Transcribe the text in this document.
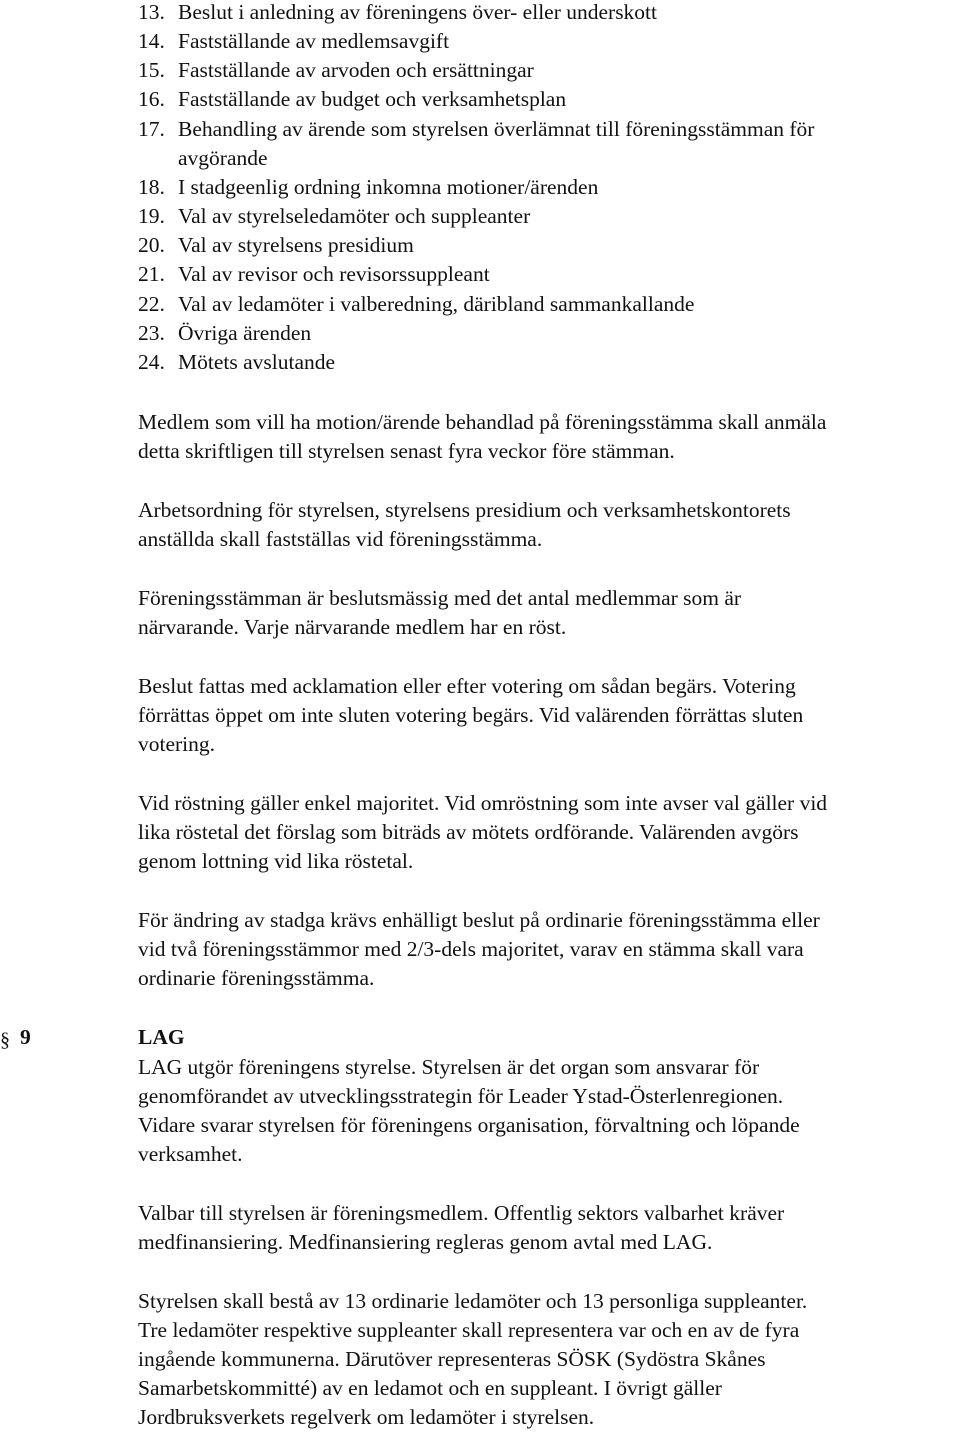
13. Beslut i anledning av föreningens över- eller underskott
14. Fastställande av medlemsavgift
15. Fastställande av arvoden och ersättningar
16. Fastställande av budget och verksamhetsplan
17. Behandling av ärende som styrelsen överlämnat till föreningsstämman för
avgörande
18. I stadgeenlig ordning inkomna motioner/ärenden
19. Val av styrelseledamöter och suppleanter
20. Val av styrelsens presidium
21. Val av revisor och revisorssuppleant
22. Val av ledamöter i valberedning, däribland sammankallande
23. Övriga ärenden
24. Mötets avslutande
Medlem som vill ha motion/ärende behandlad på föreningsstämma skall anmäla
detta skriftligen till styrelsen senast fyra veckor före stämman.
Arbetsordning för styrelsen, styrelsens presidium och verksamhetskontorets
anställda skall fastställas vid föreningsstämma.
Föreningsstämman är beslutsmässig med det antal medlemmar som är
närvarande. Varje närvarande medlem har en röst.
Beslut fattas med acklamation eller efter votering om sådan begärs. Votering
förrättas öppet om inte sluten votering begärs. Vid valärenden förrättas sluten
votering.
Vid röstning gäller enkel majoritet. Vid omröstning som inte avser val gäller vid
lika röstetal det förslag som biträds av mötets ordförande. Valärenden avgörs
genom lottning vid lika röstetal.
För ändring av stadga krävs enhälligt beslut på ordinarie föreningsstämma eller
vid två föreningsstämmor med 2/3-dels majoritet, varav en stämma skall vara
ordinarie föreningsstämma.
§ 9	LAG
LAG utgör föreningens styrelse. Styrelsen är det organ som ansvarar för
genomförandet av utvecklingsstrategin för Leader Ystad-Österlenregionen.
Vidare svarar styrelsen för föreningens organisation, förvaltning och löpande
verksamhet.
Valbar till styrelsen är föreningsmedlem. Offentlig sektors valbarhet kräver
medfinansiering. Medfinansiering regleras genom avtal med LAG.
Styrelsen skall bestå av 13 ordinarie ledamöter och 13 personliga suppleanter.
Tre ledamöter respektive suppleanter skall representera var och en av de fyra
ingående kommunerna. Därutöver representeras SÖSK (Sydöstra Skånes
Samarbetskommitté) av en ledamot och en suppleant. I övrigt gäller
Jordbruksverkets regelverk om ledamöter i styrelsen.
